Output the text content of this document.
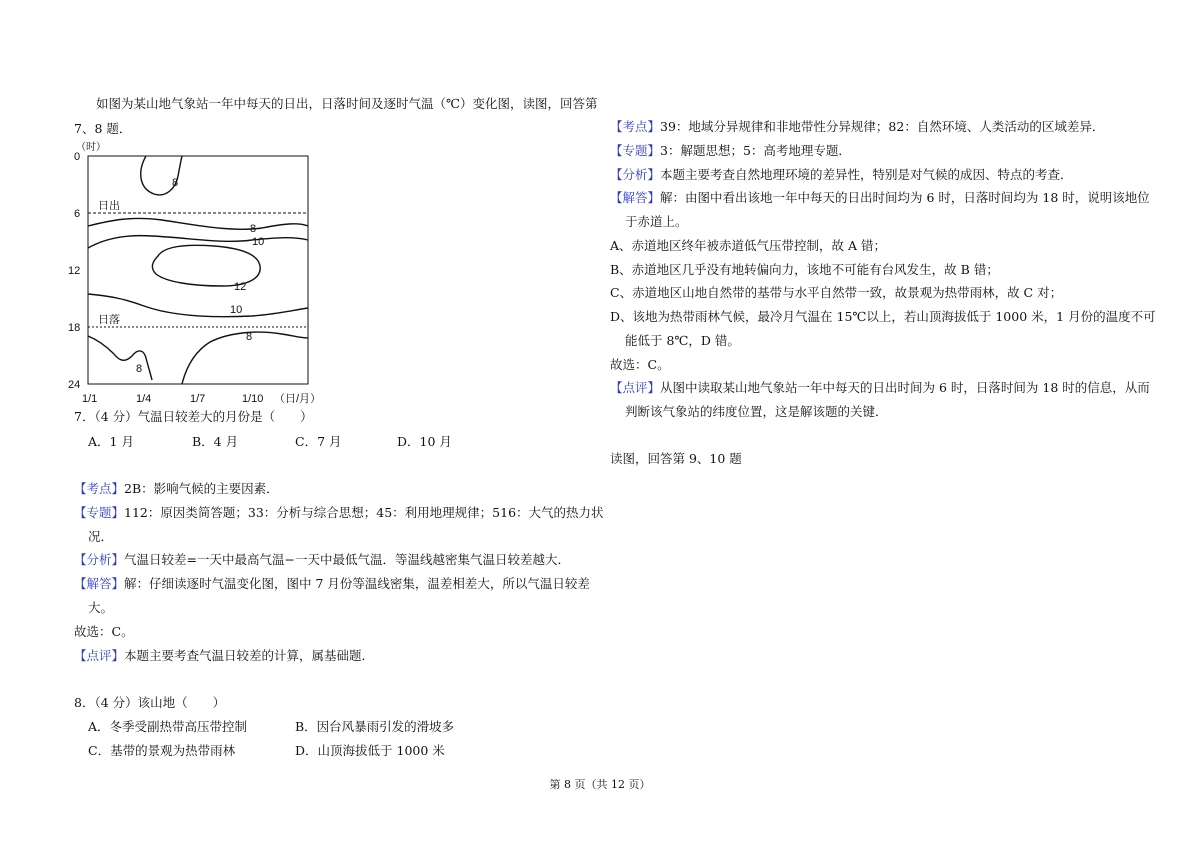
如图为某山地气象站一年中每天的日出，日落时间及逐时气温（℃）变化图，读图，回答第
7、8 题．
（时）
0
6
12
18
24
1/1	1/4	1/7	1/10 （日/月）
日出
日落
8
8
10
12
10
8
8
7．（4 分）气温日较差大的月份是（　　）
A．1 月	B．4 月	C．7 月	D．10 月
【考点】2B：影响气候的主要因素．
【专题】112：原因类简答题；33：分析与综合思想；45：利用地理规律；516：大气的热力状
况．
【分析】气温日较差=一天中最高气温−一天中最低气温．等温线越密集气温日较差越大．
【解答】解：仔细读逐时气温变化图，图中 7 月份等温线密集，温差相差大，所以气温日较差
大。
故选：C。
【点评】本题主要考查气温日较差的计算，属基础题．
8．（4 分）该山地（　　）
A．冬季受副热带高压带控制	B．因台风暴雨引发的滑坡多
C．基带的景观为热带雨林	D．山顶海拔低于 1000 米
【考点】39：地域分异规律和非地带性分异规律；82：自然环境、人类活动的区域差异．
【专题】3：解题思想；5：高考地理专题．
【分析】本题主要考查自然地理环境的差异性，特别是对气候的成因、特点的考查．
【解答】解：由图中看出该地一年中每天的日出时间均为 6 时，日落时间均为 18 时，说明该地位
于赤道上。
A、赤道地区终年被赤道低气压带控制，故 A 错；
B、赤道地区几乎没有地转偏向力，该地不可能有台风发生，故 B 错；
C、赤道地区山地自然带的基带与水平自然带一致，故景观为热带雨林，故 C 对；
D、该地为热带雨林气候，最冷月气温在 15℃以上，若山顶海拔低于 1000 米，1 月份的温度不可
能低于 8℃，D 错。
故选：C。
【点评】从图中读取某山地气象站一年中每天的日出时间为 6 时，日落时间为 18 时的信息，从而
判断该气象站的纬度位置，这是解该题的关键．
读图，回答第 9、10 题
第 8 页（共 12 页）
